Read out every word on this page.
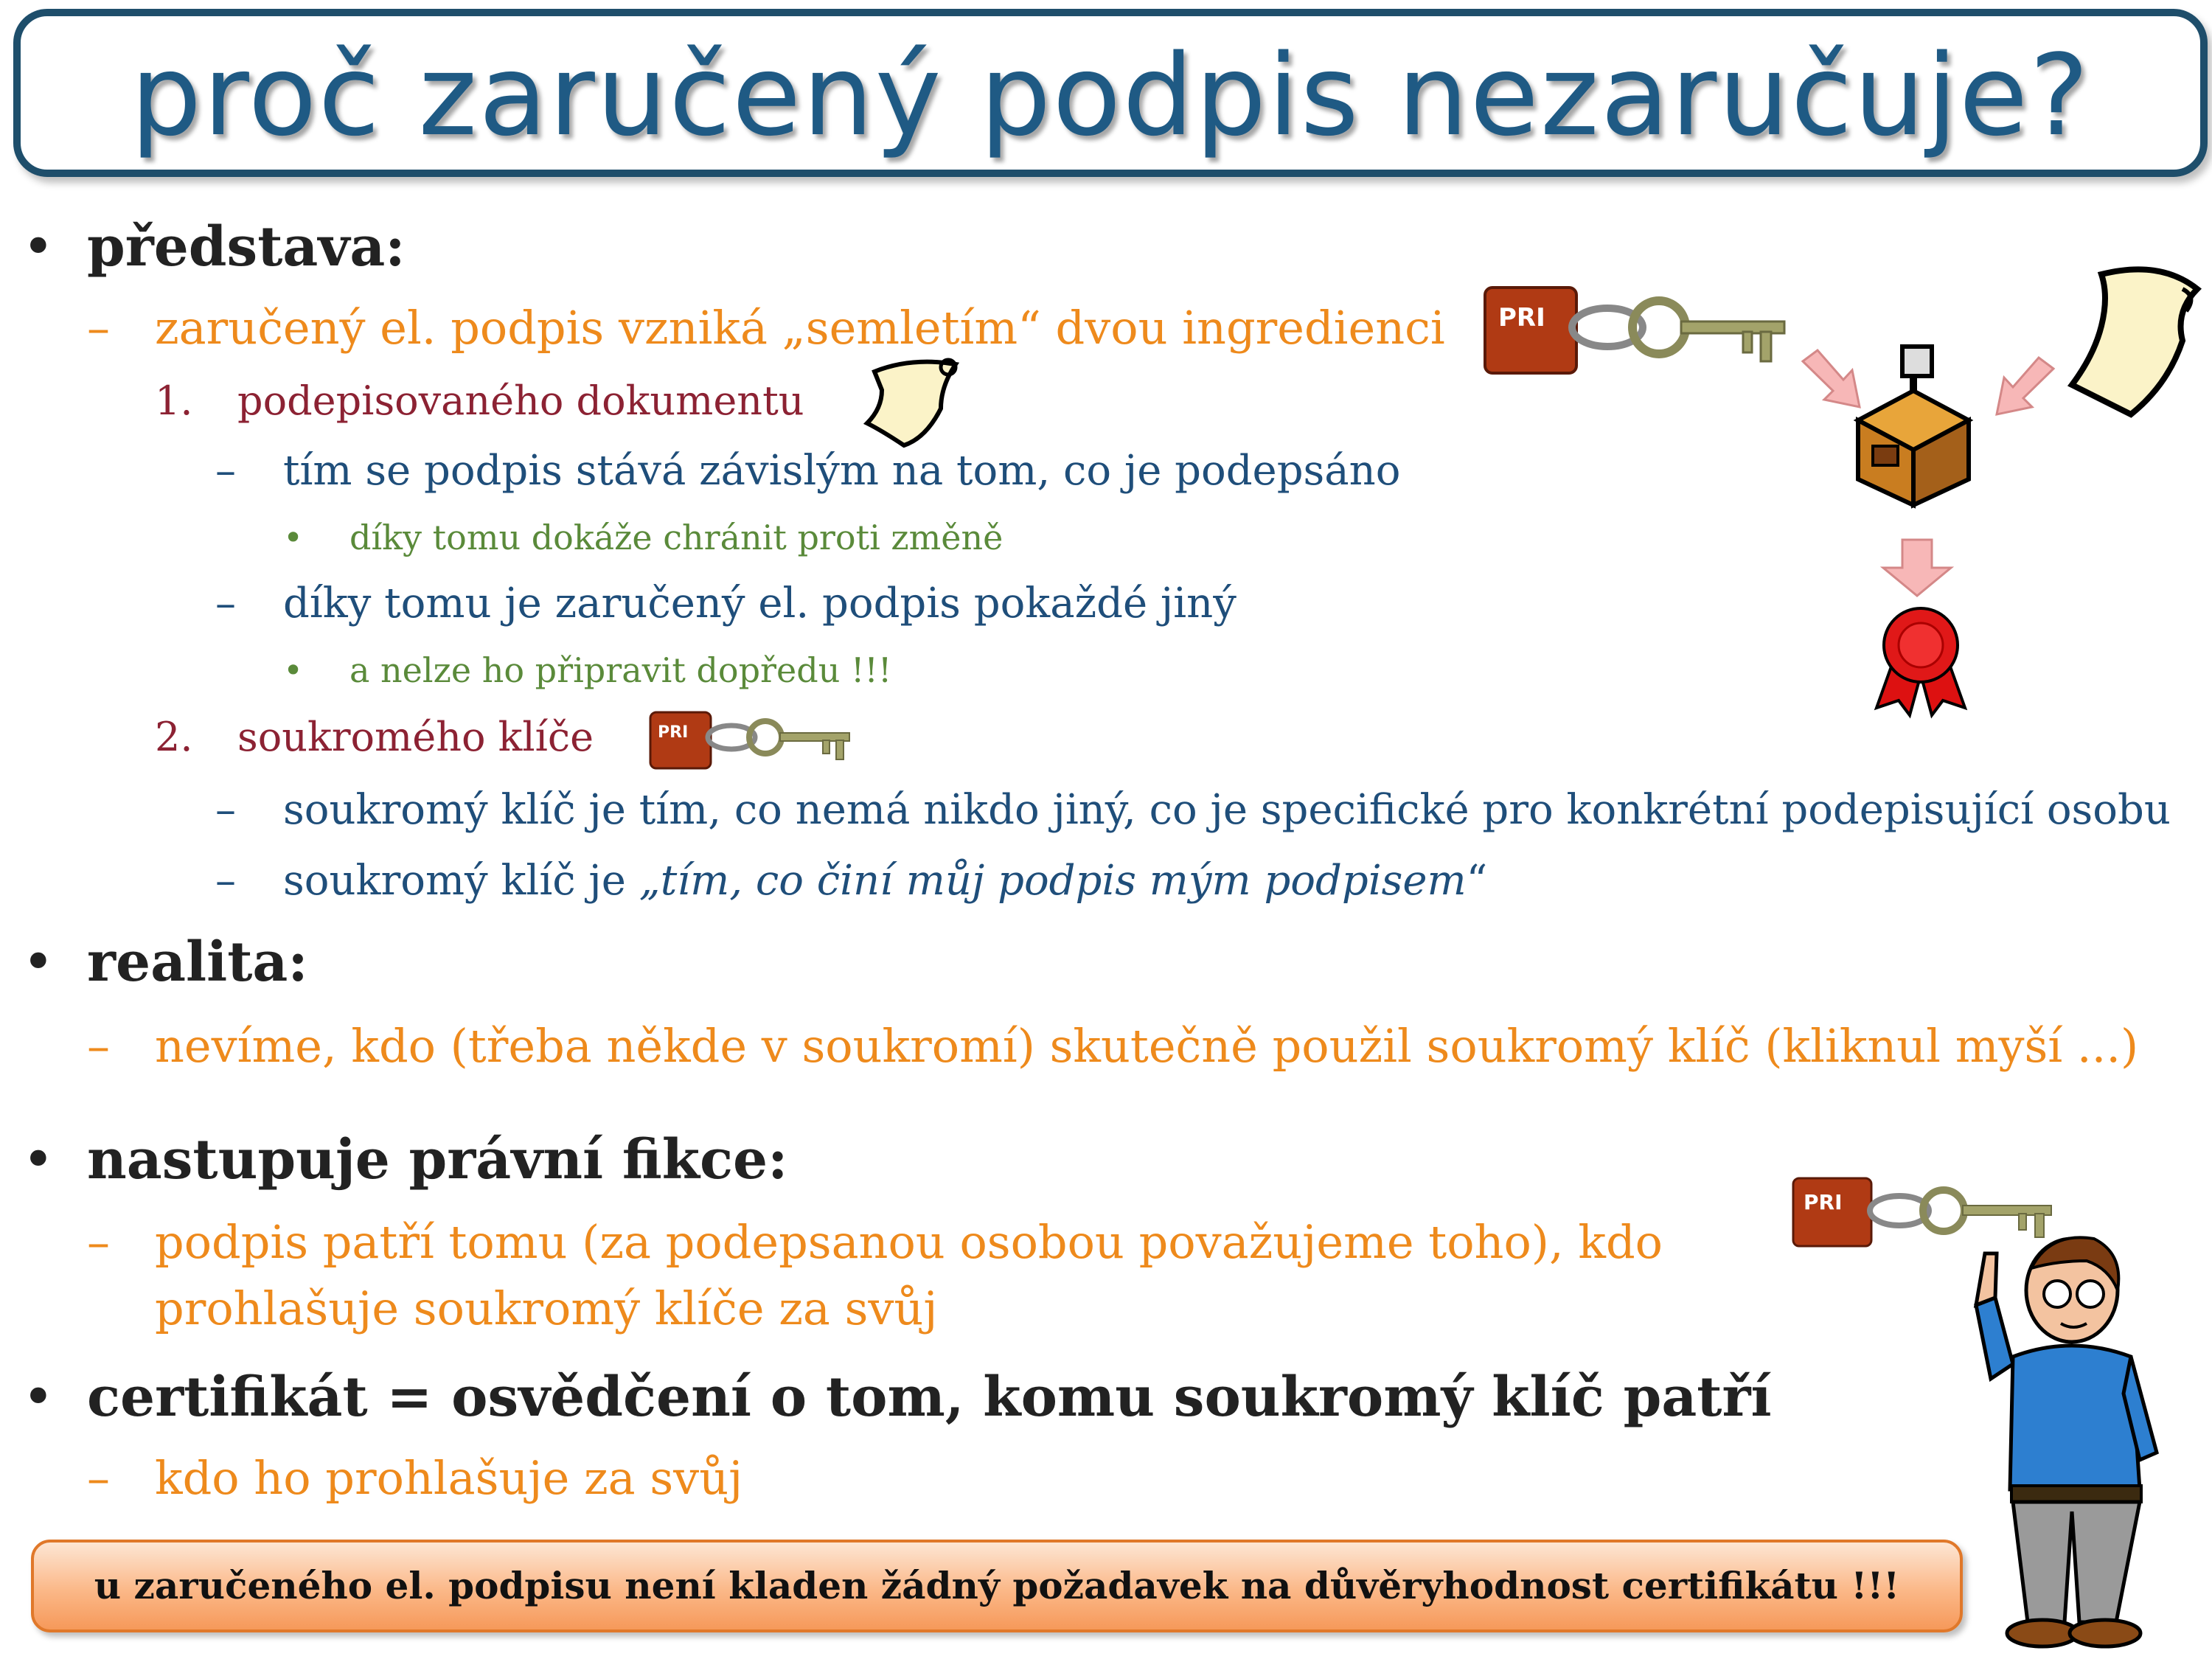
proč zaručený podpis nezaručuje?
• představa:
– zaručený el. podpis vzniká „semletím“ dvou ingredienci
1. podepisovaného dokumentu
– tím se podpis stává závislým na tom, co je podepsáno
• díky tomu dokáže chránit proti změně
– díky tomu je zaručený el. podpis pokaždé jiný
• a nelze ho připravit dopředu !!!
2. soukromého klíče
– soukromý klíč je tím, co nemá nikdo jiný, co je specifické pro konkrétní podepisující osobu
– soukromý klíč je „tím, co činí můj podpis mým podpisem“
• realita:
– nevíme, kdo (třeba někde v soukromí) skutečně použil soukromý klíč (kliknul myší ...)
• nastupuje právní fikce:
– podpis patří tomu (za podepsanou osobou považujeme toho), kdo
prohlašuje soukromý klíče za svůj
• certifikát = osvědčení o tom, komu soukromý klíč patří
– kdo ho prohlašuje za svůj
u zaručeného el. podpisu není kladen žádný požadavek na důvěryhodnost certifikátu !!!
PRI
PRI
PRI
